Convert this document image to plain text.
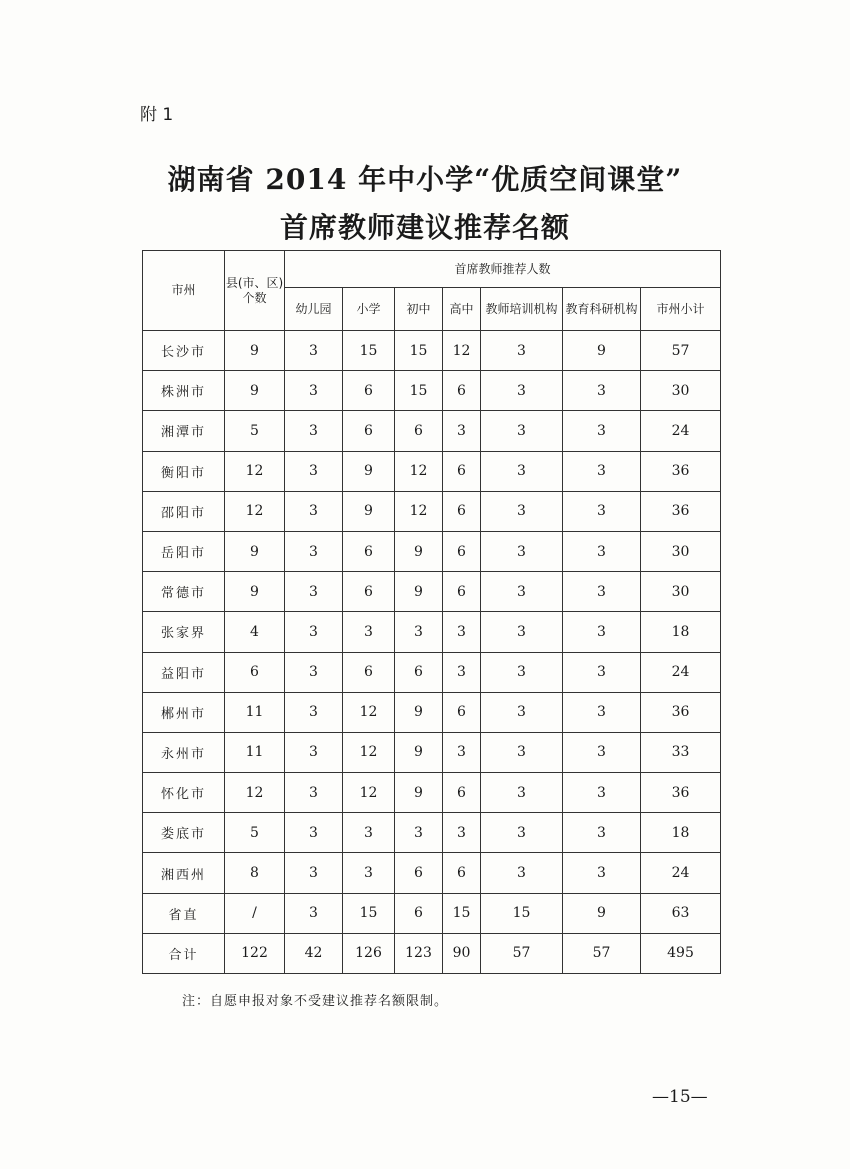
附 1
湖南省 2014 年中小学“优质空间课堂”
首席教师建议推荐名额
市州	县(市、区)个数	首席教师推荐人数						
		幼儿园	小学	初中	高中	教师培训机构	教育科研机构	市州小计
长沙市	9	3	15	15	12	3	9	57
株洲市	9	3	6	15	6	3	3	30
湘潭市	5	3	6	6	3	3	3	24
衡阳市	12	3	9	12	6	3	3	36
邵阳市	12	3	9	12	6	3	3	36
岳阳市	9	3	6	9	6	3	3	30
常德市	9	3	6	9	6	3	3	30
张家界	4	3	3	3	3	3	3	18
益阳市	6	3	6	6	3	3	3	24
郴州市	11	3	12	9	6	3	3	36
永州市	11	3	12	9	3	3	3	33
怀化市	12	3	12	9	6	3	3	36
娄底市	5	3	3	3	3	3	3	18
湘西州	8	3	3	6	6	3	3	24
省直	/	3	15	6	15	15	9	63
合计	122	42	126	123	90	57	57	495
注：自愿申报对象不受建议推荐名额限制。
—15—
